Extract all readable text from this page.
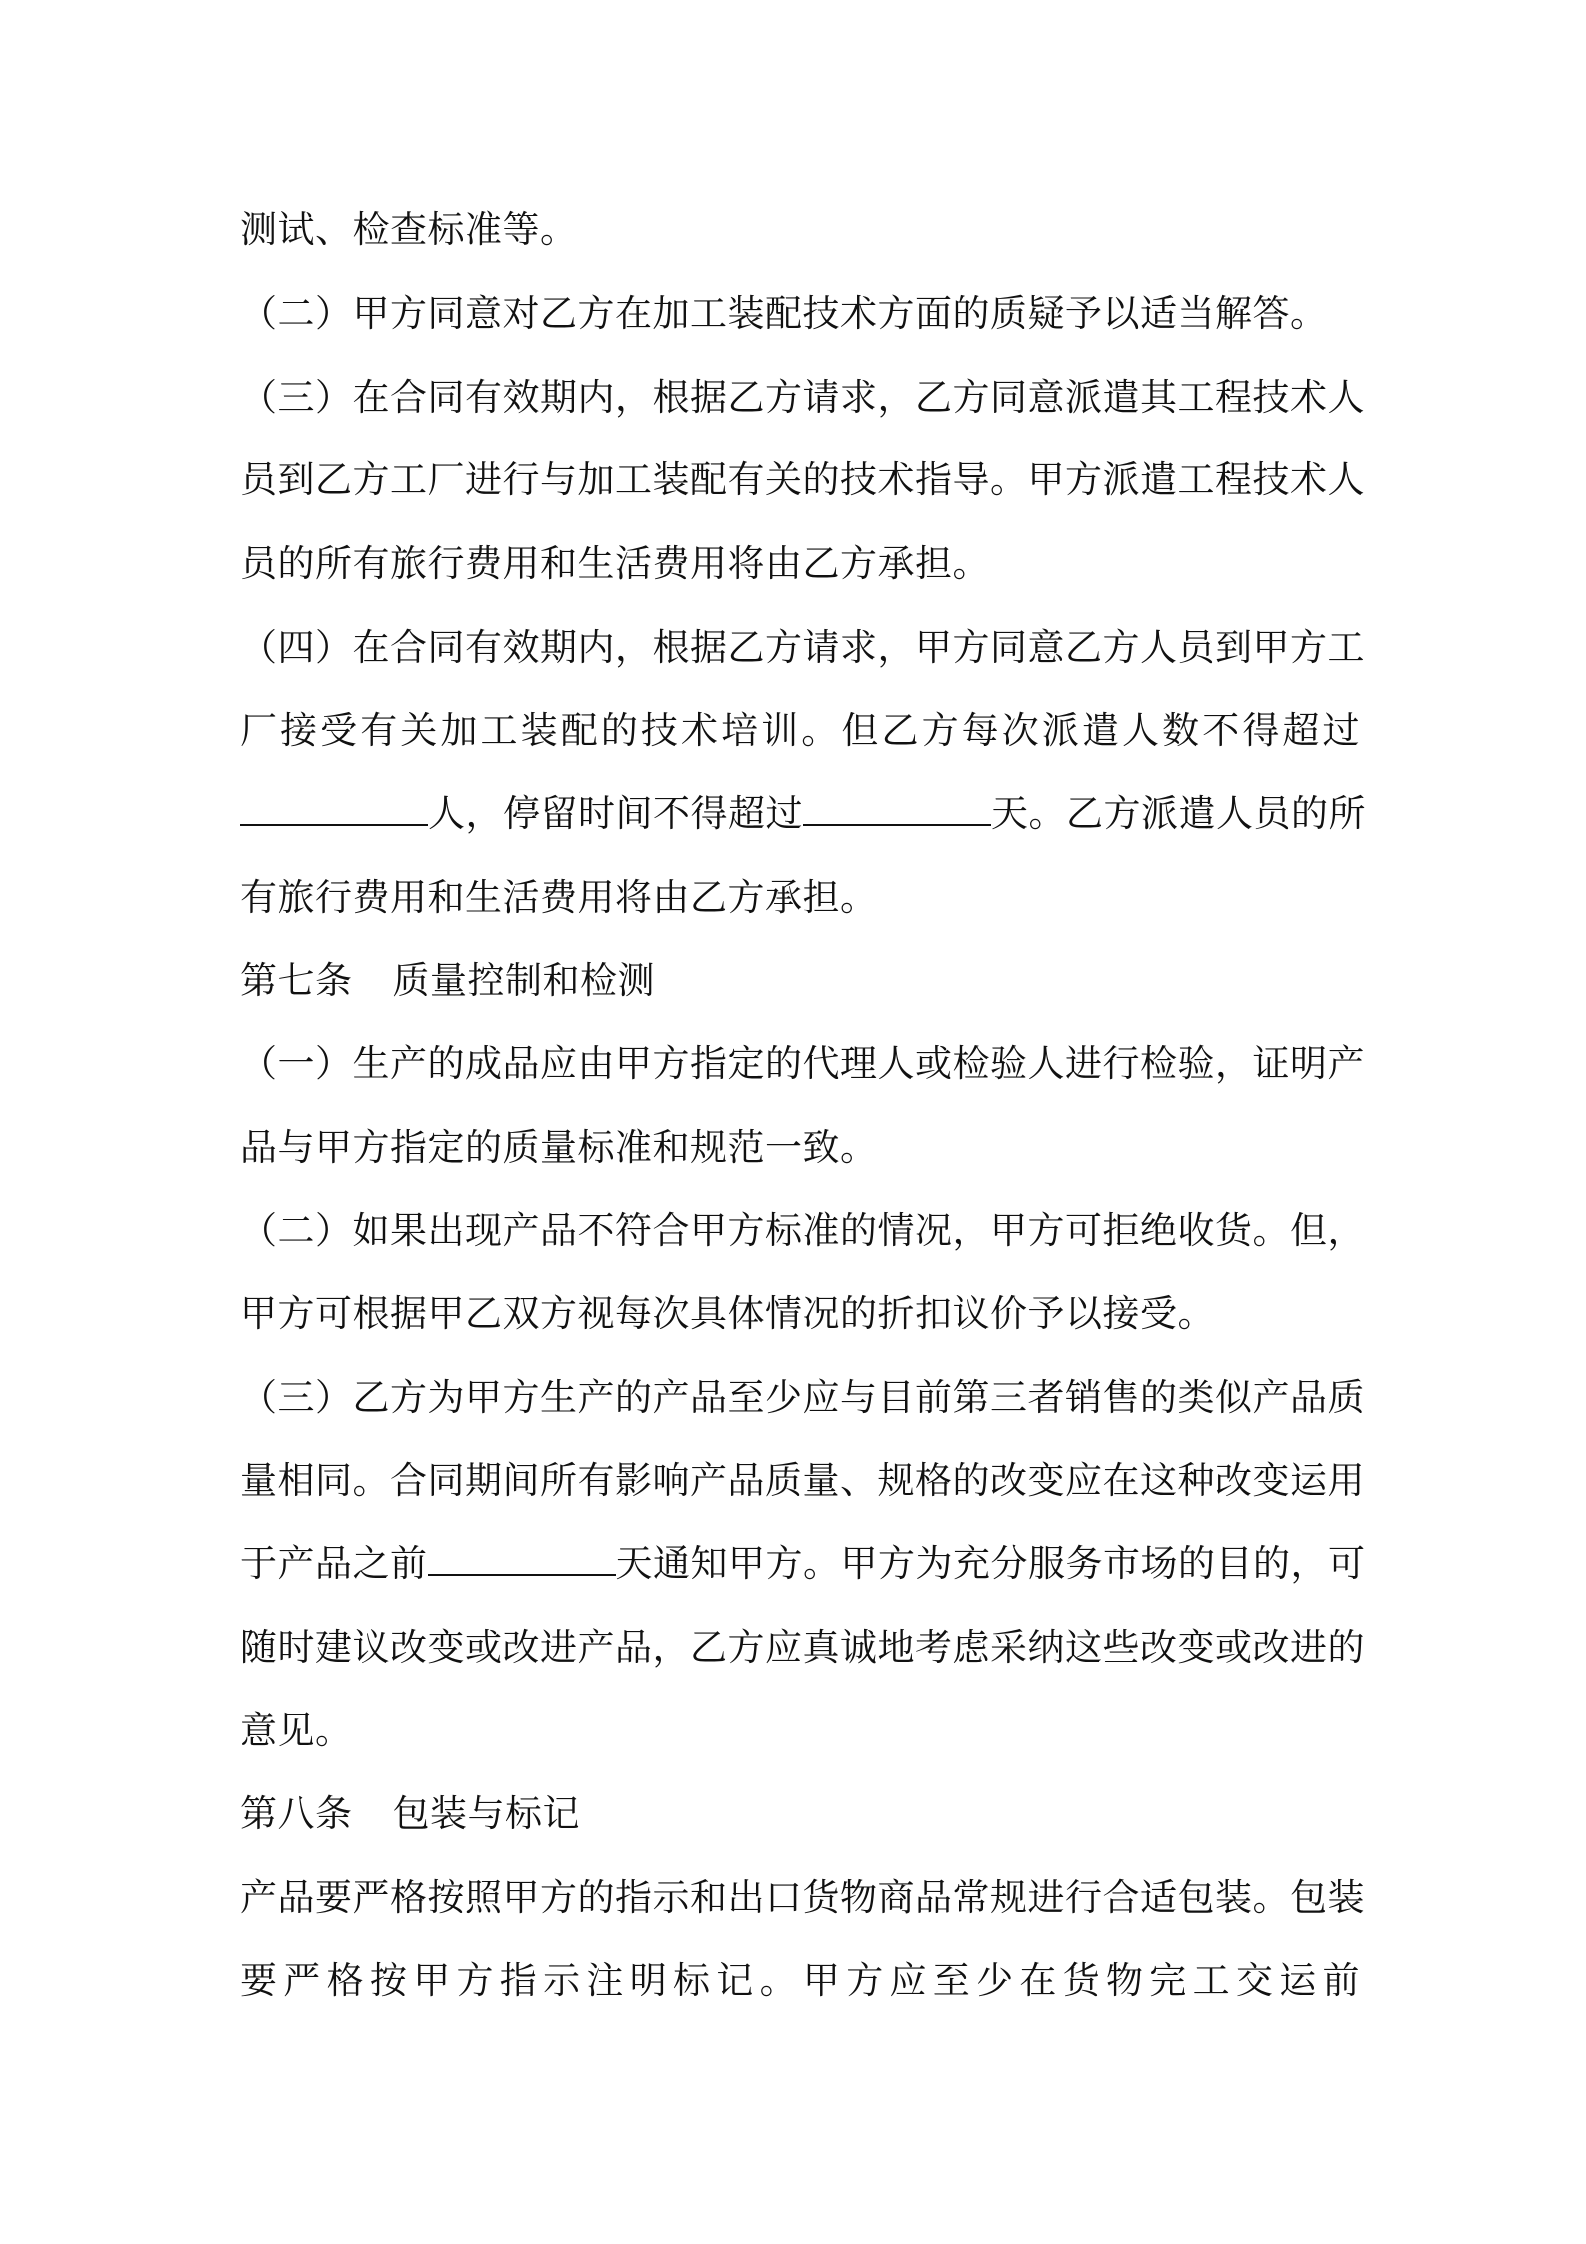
测试、检查标准等。
（二）甲方同意对乙方在加工装配技术方面的质疑予以适当解答。
（三）在合同有效期内，根据乙方请求，乙方同意派遣其工程技术人
员到乙方工厂进行与加工装配有关的技术指导。甲方派遣工程技术人
员的所有旅行费用和生活费用将由乙方承担。
（四）在合同有效期内，根据乙方请求，甲方同意乙方人员到甲方工
厂接受有关加工装配的技术培训。但乙方每次派遣人数不得超过
人，停留时间不得超过	天。乙方派遣人员的所
有旅行费用和生活费用将由乙方承担。
第七条 质量控制和检测
（一）生产的成品应由甲方指定的代理人或检验人进行检验，证明产
品与甲方指定的质量标准和规范一致。
（二）如果出现产品不符合甲方标准的情况，甲方可拒绝收货。但，
甲方可根据甲乙双方视每次具体情况的折扣议价予以接受。
（三）乙方为甲方生产的产品至少应与目前第三者销售的类似产品质
量相同。合同期间所有影响产品质量、规格的改变应在这种改变运用
于产品之前	天通知甲方。甲方为充分服务市场的目的，可
随时建议改变或改进产品，乙方应真诚地考虑采纳这些改变或改进的
意见。
第八条 包装与标记
产品要严格按照甲方的指示和出口货物商品常规进行合适包装。包装
要严格按甲方指示注明标记。甲方应至少在货物完工交运前
